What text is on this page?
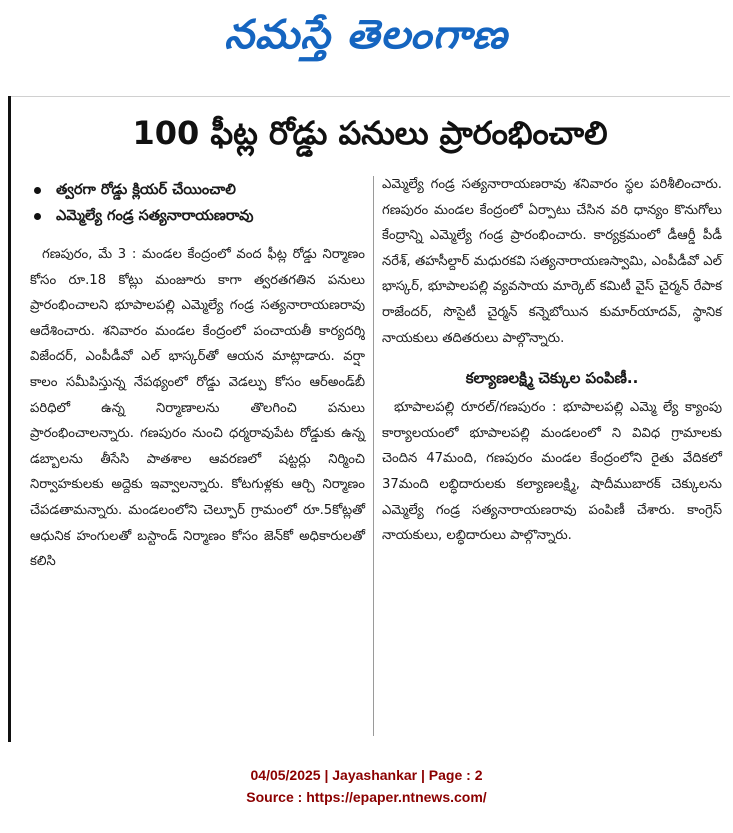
నమస్తే తెలంగాణ
100 ఫీట్ల రోడ్డు పనులు ప్రారంభించాలి
త్వరగా రోడ్డు క్లియర్ చేయించాలి
ఎమ్మెల్యే గండ్ర సత్యనారాయణరావు
గణపురం, మే 3 : మండల కేంద్రంలో వంద ఫీట్ల రోడ్డు నిర్మాణం కోసం రూ.18 కోట్లు మంజూరు కాగా త్వరతగతిన పనులు ప్రారంభించాలని భూపాలపల్లి ఎమ్మెల్యే గండ్ర సత్యనారాయణరావు ఆదేశించారు. శనివారం మండల కేంద్రంలో పంచాయతీ కార్యదర్శి విజేందర్, ఎంపీడీవో ఎల్ భాస్కర్‌తో ఆయన మాట్లాడారు. వర్షా కాలం సమీపిస్తున్న నేపథ్యంలో రోడ్డు వెడల్పు కోసం ఆర్‌అండ్‌బీ పరిధిలో ఉన్న నిర్మాణాలను తొలగించి పనులు ప్రారంభించాలన్నారు. గణపురం నుంచి ధర్మరావుపేట రోడ్డుకు ఉన్న డబ్బాలను తీసేసి పాతశాల ఆవరణలో షట్టర్లు నిర్మించి నిర్వాహకులకు అద్దెకు ఇవ్వాలన్నారు. కోటగుళ్లకు ఆర్చి నిర్మాణం చేపడతామన్నారు. మండలంలోని చెల్పూర్ గ్రామంలో రూ.5కోట్లతో ఆధునిక హంగులతో బస్టాండ్ నిర్మాణం కోసం జెన్‌కో అధికారులతో కలిసి
ఎమ్మెల్యే గండ్ర సత్యనారాయణరావు శనివారం స్థల పరిశీలించారు. గణపురం మండల కేంద్రంలో ఏర్పాటు చేసిన వరి ధాన్యం కొనుగోలు కేంద్రాన్ని ఎమ్మెల్యే గండ్ర ప్రారంభించారు. కార్యక్రమంలో డీఆర్డీ పీడీ నరేశ్, తహసీల్దార్ మధురకవి సత్యనారాయణస్వామి, ఎంపీడీవో ఎల్ భాస్కర్, భూపాలపల్లి వ్యవసాయ మార్కెట్ కమిటీ వైస్ చైర్మన్ రేపాక రాజేందర్, సొసైటీ చైర్మన్ కన్నెబోయిన కుమార్‌యాదవ్, స్థానిక నాయకులు తదితరులు పాల్గొన్నారు.
కల్యాణలక్ష్మి చెక్కుల పంపిణీ..
భూపాలపల్లి రూరల్/గణపురం : భూపాలపల్లి ఎమ్మె ల్యే క్యాంపు కార్యాలయంలో భూపాలపల్లి మండలంలో ని వివిధ గ్రామాలకు చెందిన 47మంది, గణపురం మండల కేంద్రంలోని రైతు వేదికలో 37మంది లబ్ధిదారులకు కల్యాణలక్ష్మి, షాదీముబారక్ చెక్కులను ఎమ్మెల్యే గండ్ర సత్యనారాయణరావు పంపిణీ చేశారు. కాంగ్రెస్ నాయకులు, లబ్ధిదారులు పాల్గొన్నారు.
04/05/2025 | Jayashankar | Page : 2
Source : https://epaper.ntnews.com/
